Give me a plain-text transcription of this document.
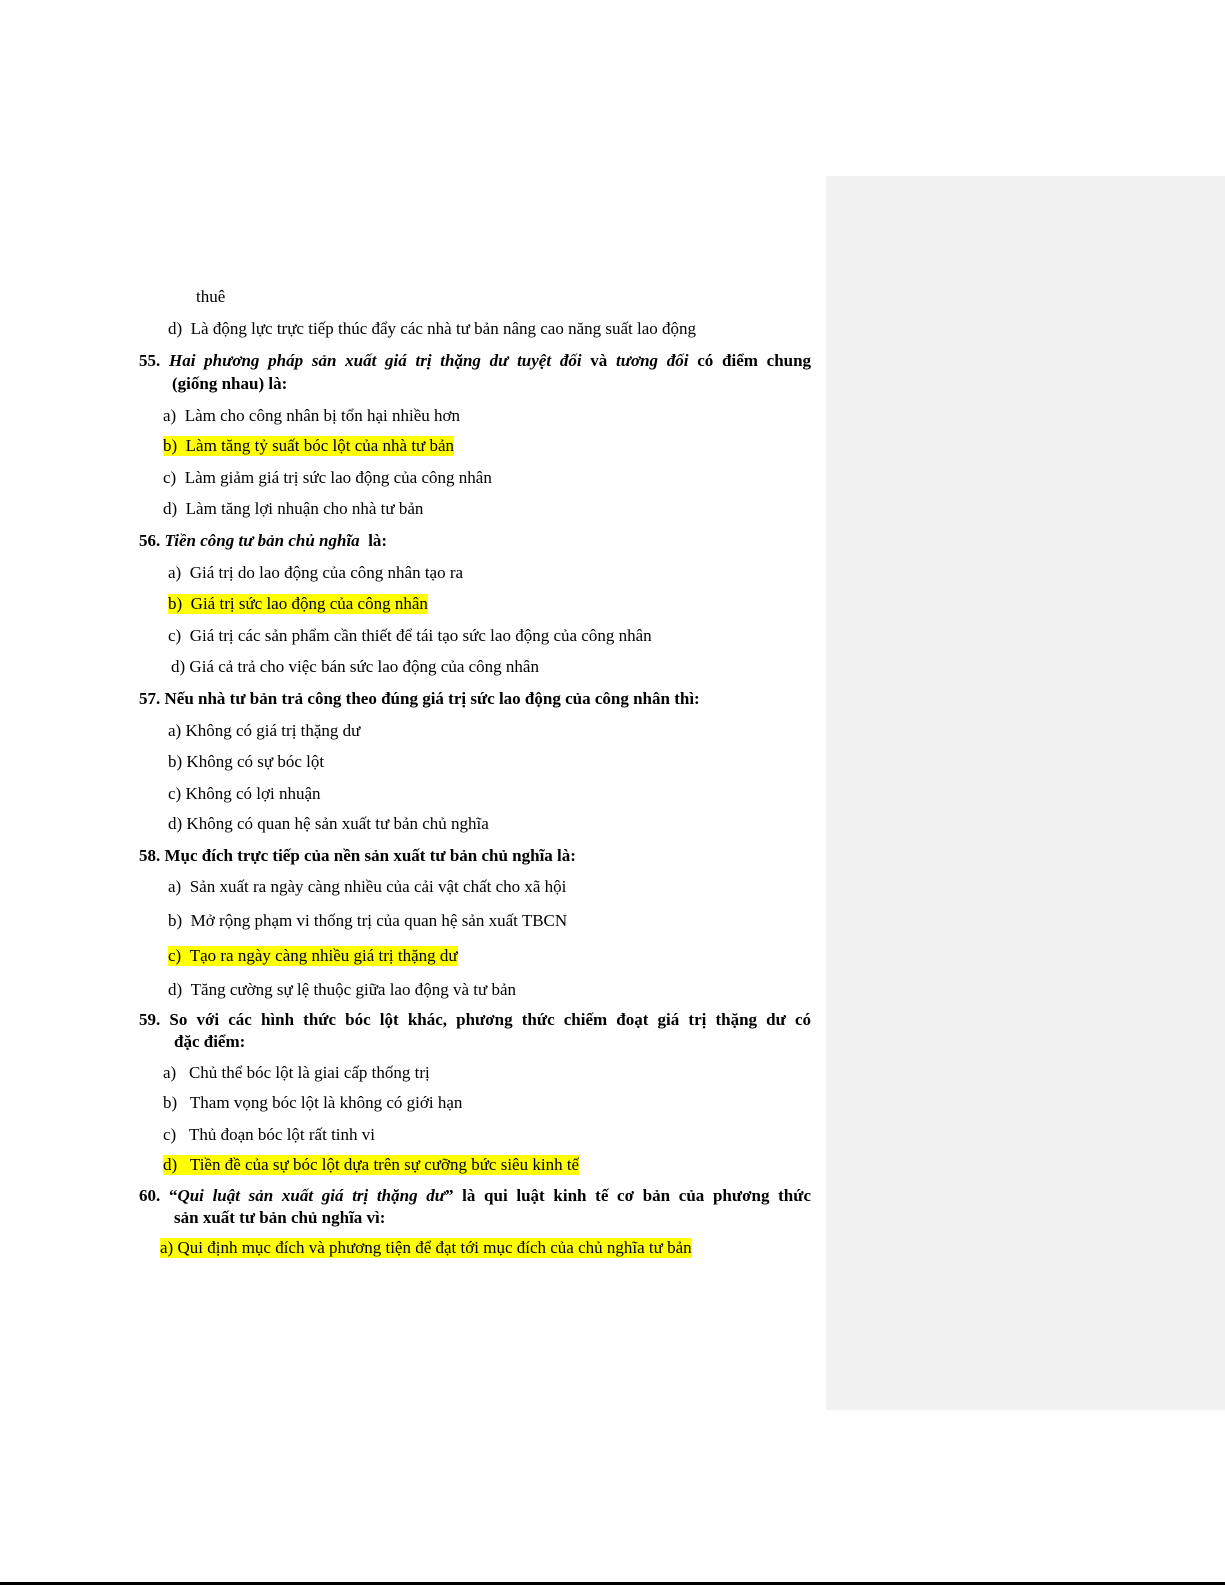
thuê
d) Là động lực trực tiếp thúc đẩy các nhà tư bản nâng cao năng suất lao động
55. Hai phương pháp sản xuất giá trị thặng dư tuyệt đối và tương đối có điểm chung
(giống nhau) là:
a) Làm cho công nhân bị tổn hại nhiều hơn
b) Làm tăng tỷ suất bóc lột của nhà tư bản
c) Làm giảm giá trị sức lao động của công nhân
d) Làm tăng lợi nhuận cho nhà tư bản
56. Tiền công tư bản chủ nghĩa là:
a) Giá trị do lao động của công nhân tạo ra
b) Giá trị sức lao động của công nhân
c) Giá trị các sản phẩm cần thiết để tái tạo sức lao động của công nhân
d) Giá cả trả cho việc bán sức lao động của công nhân
57. Nếu nhà tư bản trả công theo đúng giá trị sức lao động của công nhân thì:
a) Không có giá trị thặng dư
b) Không có sự bóc lột
c) Không có lợi nhuận
d) Không có quan hệ sản xuất tư bản chủ nghĩa
58. Mục đích trực tiếp của nền sản xuất tư bản chủ nghĩa là:
a) Sản xuất ra ngày càng nhiều của cải vật chất cho xã hội
b) Mở rộng phạm vi thống trị của quan hệ sản xuất TBCN
c) Tạo ra ngày càng nhiều giá trị thặng dư
d) Tăng cường sự lệ thuộc giữa lao động và tư bản
59. So với các hình thức bóc lột khác, phương thức chiếm đoạt giá trị thặng dư có
đặc điểm:
a) Chủ thể bóc lột là giai cấp thống trị
b) Tham vọng bóc lột là không có giới hạn
c) Thủ đoạn bóc lột rất tinh vi
d) Tiền đề của sự bóc lột dựa trên sự cưỡng bức siêu kinh tế
60. “Qui luật sản xuất giá trị thặng dư” là qui luật kinh tế cơ bản của phương thức
sản xuất tư bản chủ nghĩa vì:
a) Qui định mục đích và phương tiện để đạt tới mục đích của chủ nghĩa tư bản
